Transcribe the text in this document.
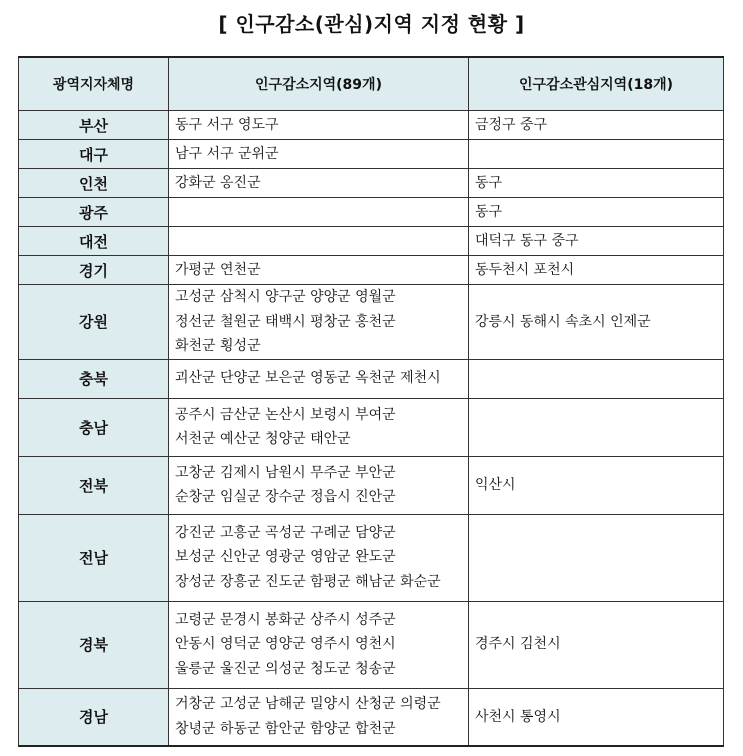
[ 인구감소(관심)지역 지정 현황 ]
광역지자체명	인구감소지역(89개)	인구감소관심지역(18개)
부산	동구 서구 영도구	금정구 중구

대구	남구 서구 군위군	

인천	강화군 옹진군	동구

광주		동구

대전		대덕구 동구 중구

경기	가평군 연천군	동두천시 포천시

강원	고성군 삼척시 양구군 양양군 영월군
정선군 철원군 태백시 평창군 홍천군
화천군 횡성군	강릉시 동해시 속초시 인제군

충북	괴산군 단양군 보은군 영동군 옥천군 제천시	

충남	공주시 금산군 논산시 보령시 부여군
서천군 예산군 청양군 태안군	

전북	고창군 김제시 남원시 무주군 부안군
순창군 임실군 장수군 정읍시 진안군	익산시

전남	강진군 고흥군 곡성군 구례군 담양군
보성군 신안군 영광군 영암군 완도군
장성군 장흥군 진도군 함평군 해남군 화순군	

경북	고령군 문경시 봉화군 상주시 성주군
안동시 영덕군 영양군 영주시 영천시
울릉군 울진군 의성군 청도군 청송군	경주시 김천시

경남	거창군 고성군 남해군 밀양시 산청군 의령군
창녕군 하동군 함안군 함양군 합천군	사천시 통영시
